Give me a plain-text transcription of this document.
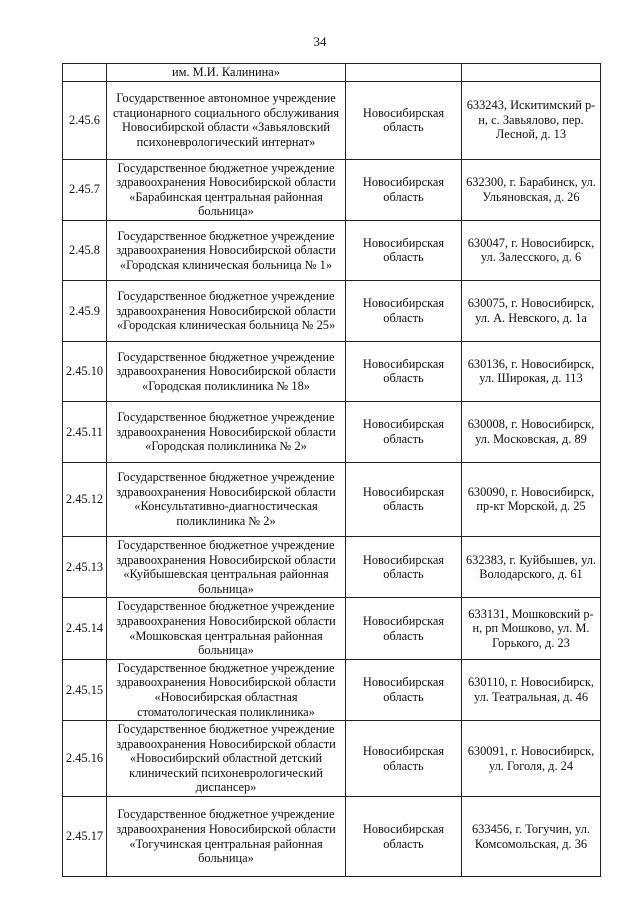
34
	им. М.И. Калинина»		
2.45.6	Государственное автономное учреждение стационарного социального обслуживания Новосибирской области «Завьяловский психоневрологический интернат»	Новосибирская область	633243, Искитимский р-н, с. Завьялово, пер. Лесной, д. 13
2.45.7	Государственное бюджетное учреждение здравоохранения Новосибирской области «Барабинская центральная районная больница»	Новосибирская область	632300, г. Барабинск, ул. Ульяновская, д. 26
2.45.8	Государственное бюджетное учреждение здравоохранения Новосибирской области «Городская клиническая больница № 1»	Новосибирская область	630047, г. Новосибирск, ул. Залесского, д. 6
2.45.9	Государственное бюджетное учреждение здравоохранения Новосибирской области «Городская клиническая больница № 25»	Новосибирская область	630075, г. Новосибирск, ул. А. Невского, д. 1а
2.45.10	Государственное бюджетное учреждение здравоохранения Новосибирской области «Городская поликлиника № 18»	Новосибирская область	630136, г. Новосибирск, ул. Широкая, д. 113
2.45.11	Государственное бюджетное учреждение здравоохранения Новосибирской области «Городская поликлиника № 2»	Новосибирская область	630008, г. Новосибирск, ул. Московская, д. 89
2.45.12	Государственное бюджетное учреждение здравоохранения Новосибирской области «Консультативно-диагностическая поликлиника № 2»	Новосибирская область	630090, г. Новосибирск, пр-кт Морской, д. 25
2.45.13	Государственное бюджетное учреждение здравоохранения Новосибирской области «Куйбышевская центральная районная больница»	Новосибирская область	632383, г. Куйбышев, ул. Володарского, д. 61
2.45.14	Государственное бюджетное учреждение здравоохранения Новосибирской области «Мошковская центральная районная больница»	Новосибирская область	633131, Мошковский р-н, рп Мошково, ул. М. Горького, д. 23
2.45.15	Государственное бюджетное учреждение здравоохранения Новосибирской области «Новосибирская областная стоматологическая поликлиника»	Новосибирская область	630110, г. Новосибирск, ул. Театральная, д. 46
2.45.16	Государственное бюджетное учреждение здравоохранения Новосибирской области «Новосибирский областной детский клинический психоневрологический диспансер»	Новосибирская область	630091, г. Новосибирск, ул. Гоголя, д. 24
2.45.17	Государственное бюджетное учреждение здравоохранения Новосибирской области «Тогучинская центральная районная больница»	Новосибирская область	633456, г. Тогучин, ул. Комсомольская, д. 36
